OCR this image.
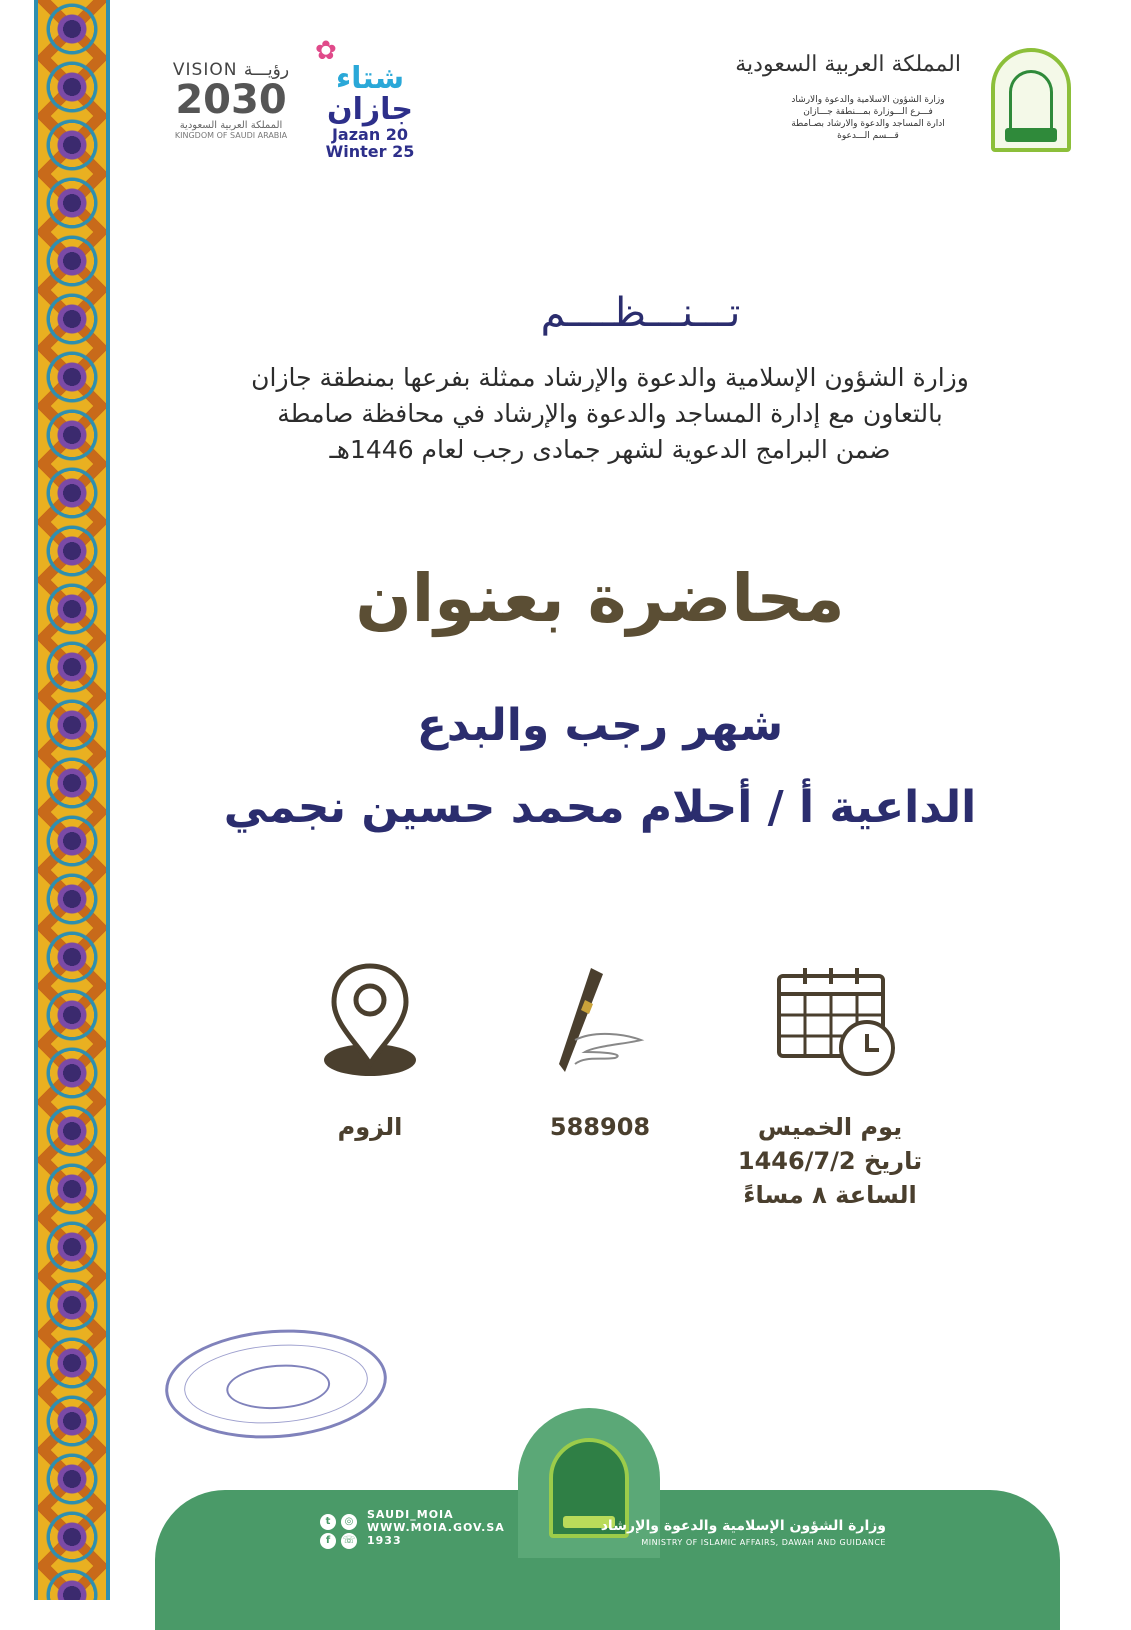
المملكة العربية السعودية
وزارة الشؤون الاسلامية والدعوة والارشاد
فـــرع الـــوزارة بمـــنطقة جـــازان
ادارة المساجد والدعوة والارشاد بصـامطة
قـــسم الـــدعوة
VISION رؤيـــة
2030
المملكة العربية السعودية
KINGDOM OF SAUDI ARABIA
✿
شتاء
جازان
Jazan 20
Winter 25
تـــنـــظــــم
وزارة الشؤون الإسلامية والدعوة والإرشاد ممثلة بفرعها بمنطقة جازان
بالتعاون مع إدارة المساجد والدعوة والإرشاد في محافظة صامطة
ضمن البرامج الدعوية لشهر جمادى رجب لعام 1446هـ
محاضرة بعنوان
شهر رجب والبدع
الداعية أ / أحلام محمد حسين نجمي
الزوم	588908	يوم الخميس
تاريخ 1446/7/2
الساعة ٨ مساءً
وزارة الشؤون الإسلامية والدعوة والإرشاد
MINISTRY OF ISLAMIC AFFAIRS, DAWAH AND GUIDANCE
t	◎
f	☏
SAUDI_MOIA
WWW.MOIA.GOV.SA
1933
